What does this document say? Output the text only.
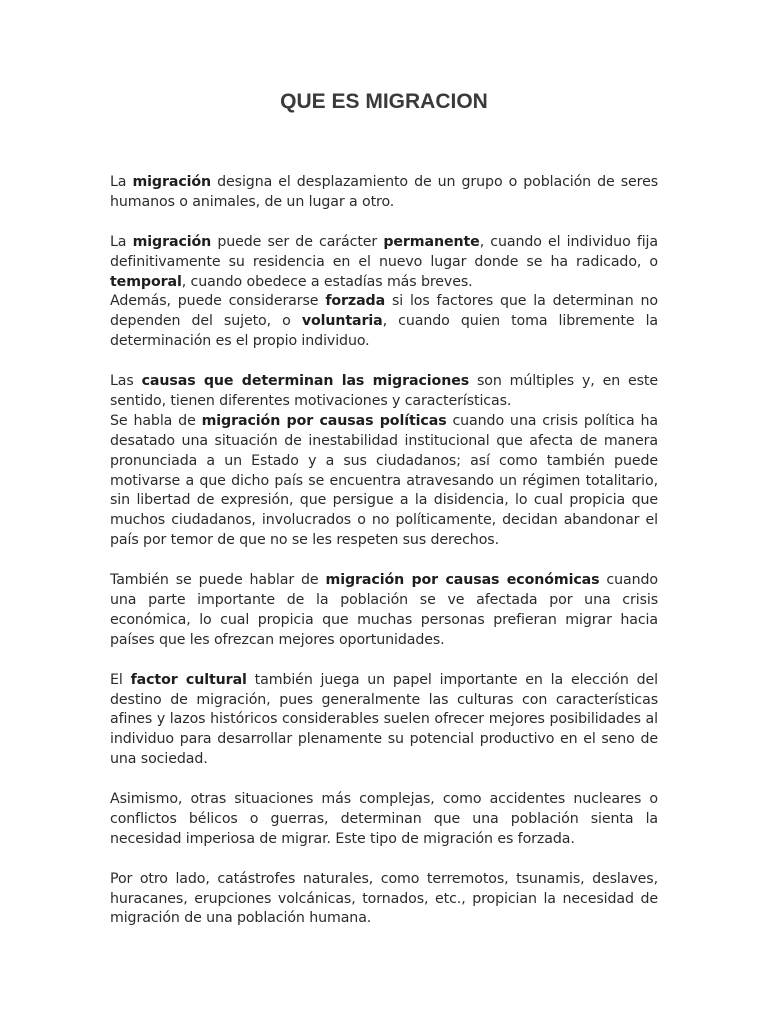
QUE ES MIGRACION

La migración designa el desplazamiento de un grupo o población de seres humanos o animales, de un lugar a otro.

La migración puede ser de carácter permanente, cuando el individuo fija definitivamente su residencia en el nuevo lugar donde se ha radicado, o temporal, cuando obedece a estadías más breves.

Además, puede considerarse forzada si los factores que la determinan no dependen del sujeto, o voluntaria, cuando quien toma libremente la determinación es el propio individuo.

Las causas que determinan las migraciones son múltiples y, en este sentido, tienen diferentes motivaciones y características.

Se habla de migración por causas políticas cuando una crisis política ha desatado una situación de inestabilidad institucional que afecta de manera pronunciada a un Estado y a sus ciudadanos; así como también puede motivarse a que dicho país se encuentra atravesando un régimen totalitario, sin libertad de expresión, que persigue a la disidencia, lo cual propicia que muchos ciudadanos, involucrados o no políticamente, decidan abandonar el país por temor de que no se les respeten sus derechos.

También se puede hablar de migración por causas económicas cuando una parte importante de la población se ve afectada por una crisis económica, lo cual propicia que muchas personas prefieran migrar hacia países que les ofrezcan mejores oportunidades.

El factor cultural también juega un papel importante en la elección del destino de migración, pues generalmente las culturas con características afines y lazos históricos considerables suelen ofrecer mejores posibilidades al individuo para desarrollar plenamente su potencial productivo en el seno de una sociedad.

Asimismo, otras situaciones más complejas, como accidentes nucleares o conflictos bélicos o guerras, determinan que una población sienta la necesidad imperiosa de migrar. Este tipo de migración es forzada.

Por otro lado, catástrofes naturales, como terremotos, tsunamis, deslaves, huracanes, erupciones volcánicas, tornados, etc., propician la necesidad de migración de una población humana.
